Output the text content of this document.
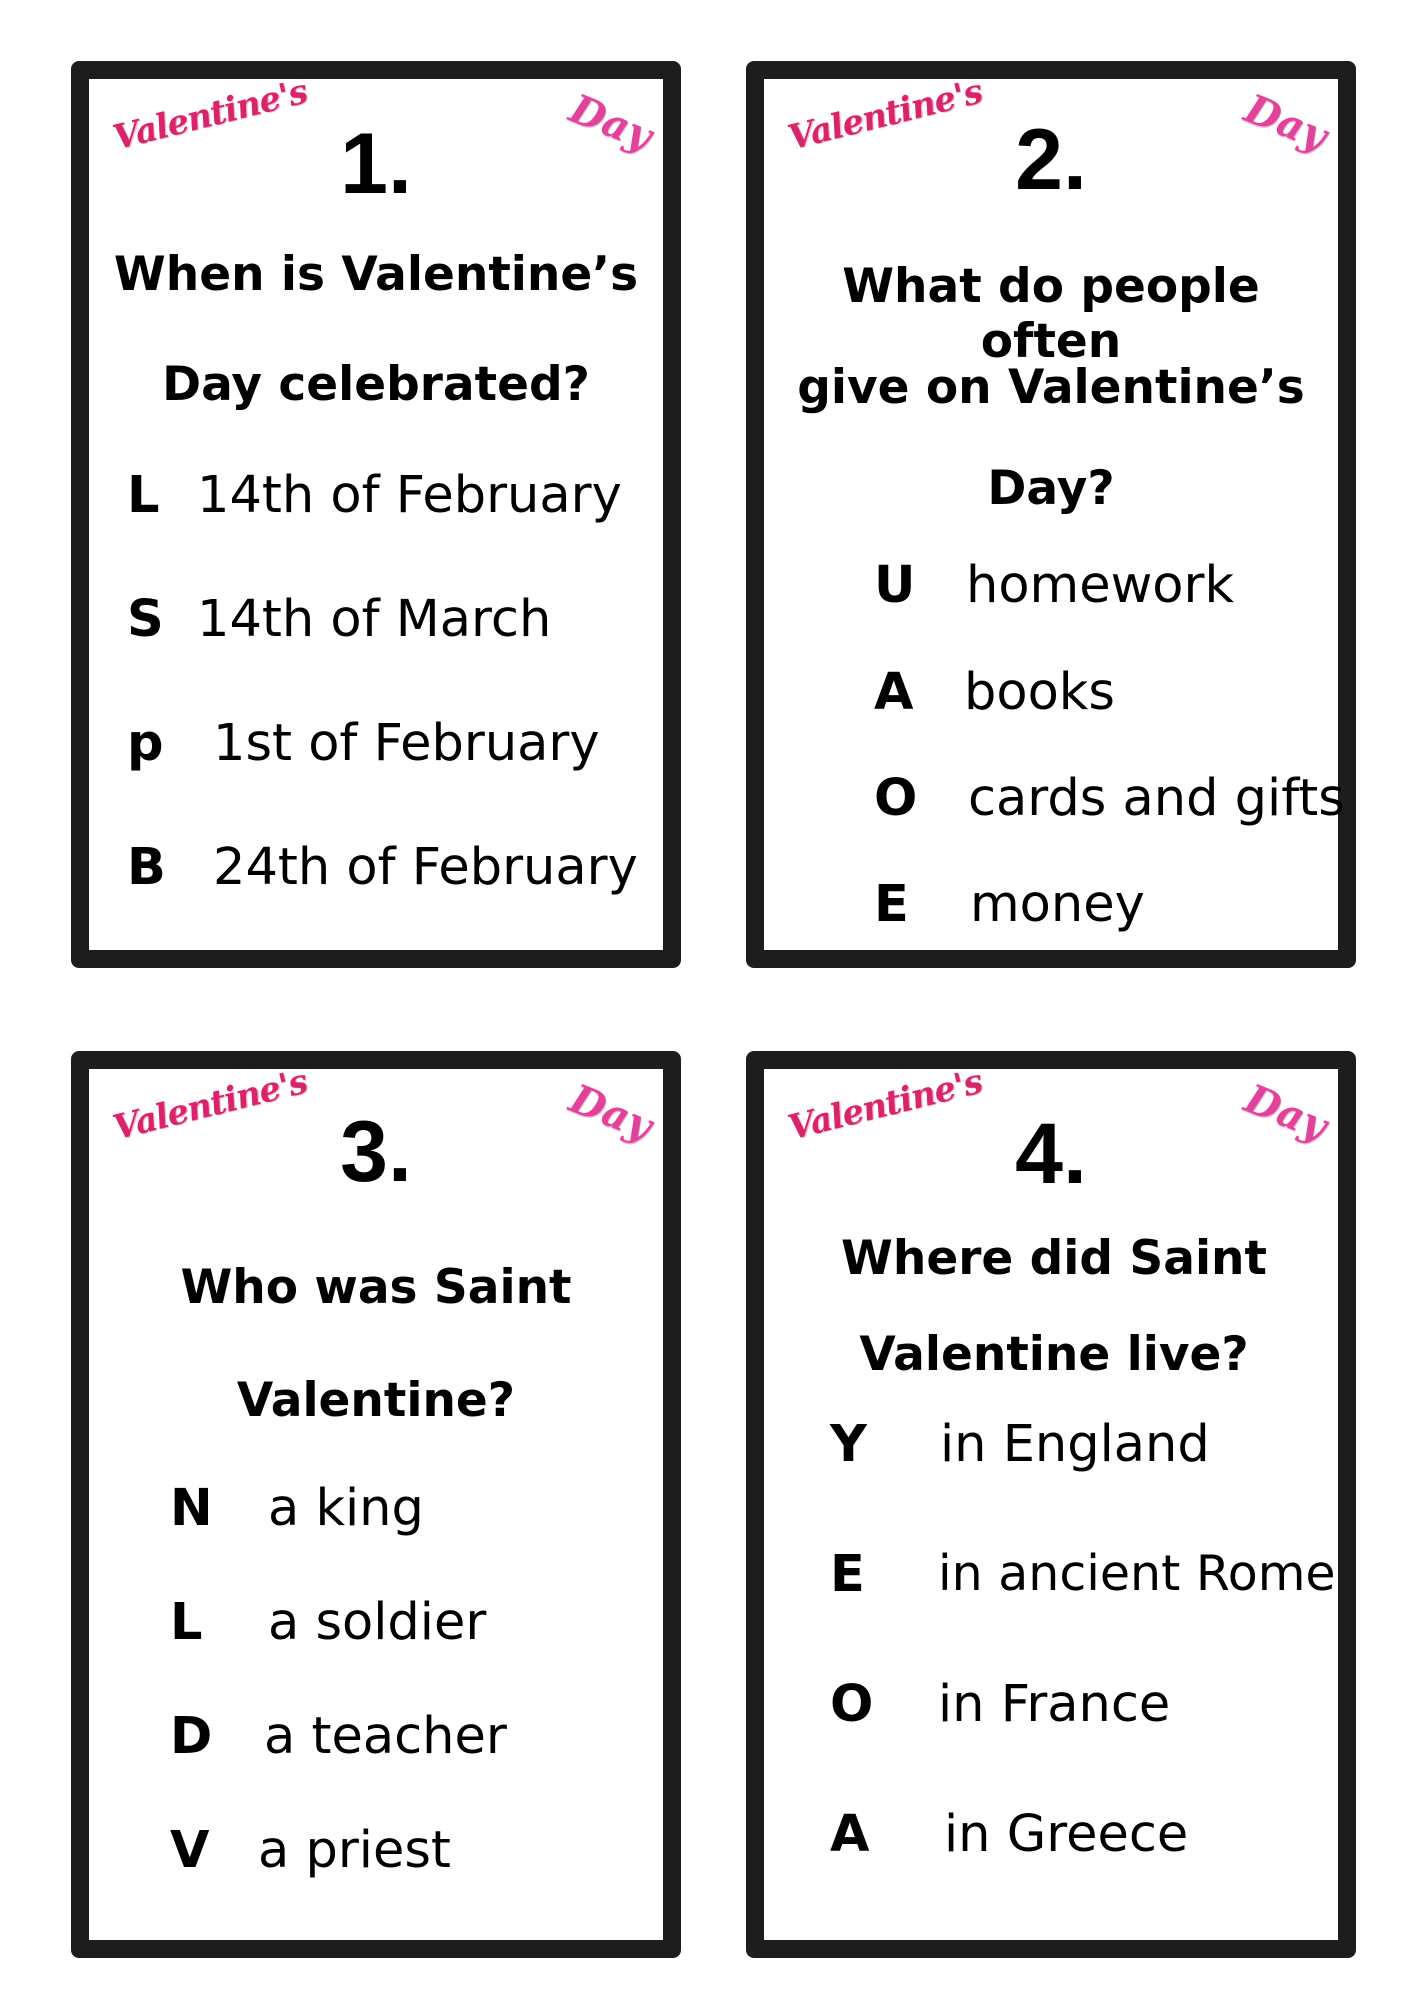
Valentine's	Day
1.
When is Valentine’s
Day celebrated?
L 14th of February
S 14th of March
p 1st of February
B 24th of February
Valentine's	Day
2.
What do people often
give on Valentine’s
Day?
U homework
A books
O cards and gifts
E money
Valentine's	Day
3.
Who was Saint
Valentine?
N a king
L a soldier
D a teacher
V a priest
Valentine's	Day
4.
Where did Saint
Valentine live?
Y in England
E in ancient Rome
O in France
A in Greece
